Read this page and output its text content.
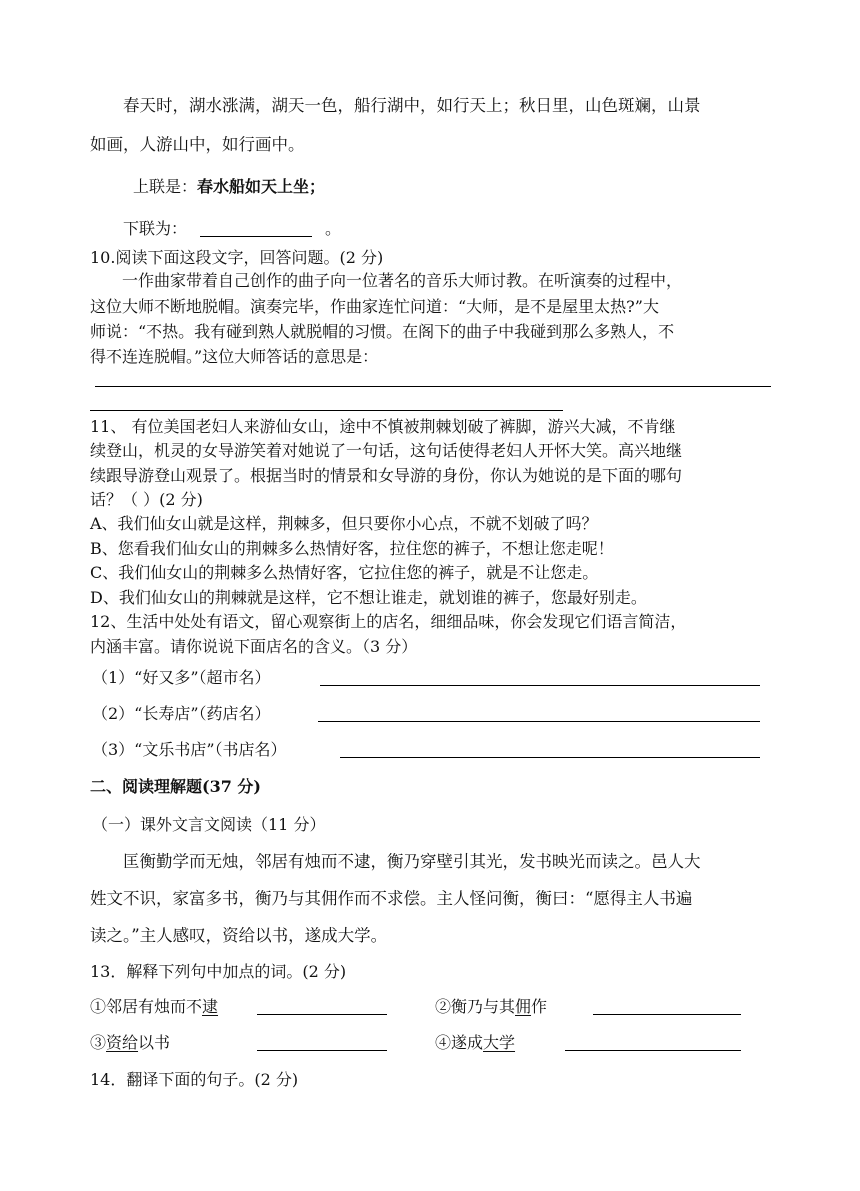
春天时，湖水涨满，湖天一色，船行湖中，如行天上；秋日里，山色斑斓，山景
如画，人游山中，如行画中。
上联是：春水船如天上坐；
下联为：	。
10.阅读下面这段文字，回答问题。(2 分)
一作曲家带着自己创作的曲子向一位著名的音乐大师讨教。在听演奏的过程中，
这位大师不断地脱帽。演奏完毕，作曲家连忙问道：“大师，是不是屋里太热?”大
师说：“不热。我有碰到熟人就脱帽的习惯。在阁下的曲子中我碰到那么多熟人，不
得不连连脱帽。”这位大师答话的意思是：
11、 有位美国老妇人来游仙女山，途中不慎被荆棘划破了裤脚，游兴大减，不肯继
续登山，机灵的女导游笑着对她说了一句话，这句话使得老妇人开怀大笑。高兴地继
续跟导游登山观景了。根据当时的情景和女导游的身份，你认为她说的是下面的哪句
话？（ ）(2 分)
A、我们仙女山就是这样，荆棘多，但只要你小心点，不就不划破了吗？
B、您看我们仙女山的荆棘多么热情好客，拉住您的裤子，不想让您走呢！
C、我们仙女山的荆棘多么热情好客，它拉住您的裤子，就是不让您走。
D、我们仙女山的荆棘就是这样，它不想让谁走，就划谁的裤子，您最好别走。
12、生活中处处有语文，留心观察街上的店名，细细品味，你会发现它们语言简洁，
内涵丰富。请你说说下面店名的含义。（3 分）
（1）“好又多”（超市名）
（2）“长寿店”（药店名）
（3）“文乐书店”（书店名）
二、阅读理解题(37 分)
（一）课外文言文阅读（11 分）
匡衡勤学而无烛，邻居有烛而不逮，衡乃穿壁引其光，发书映光而读之。邑人大
姓文不识，家富多书，衡乃与其佣作而不求偿。主人怪问衡，衡曰：“愿得主人书遍
读之。”主人感叹，资给以书，遂成大学。
13．解释下列句中加点的词。(2 分)
①邻居有烛而不逮	②衡乃与其佣作
③资给以书	④遂成大学
14．翻译下面的句子。(2 分)
